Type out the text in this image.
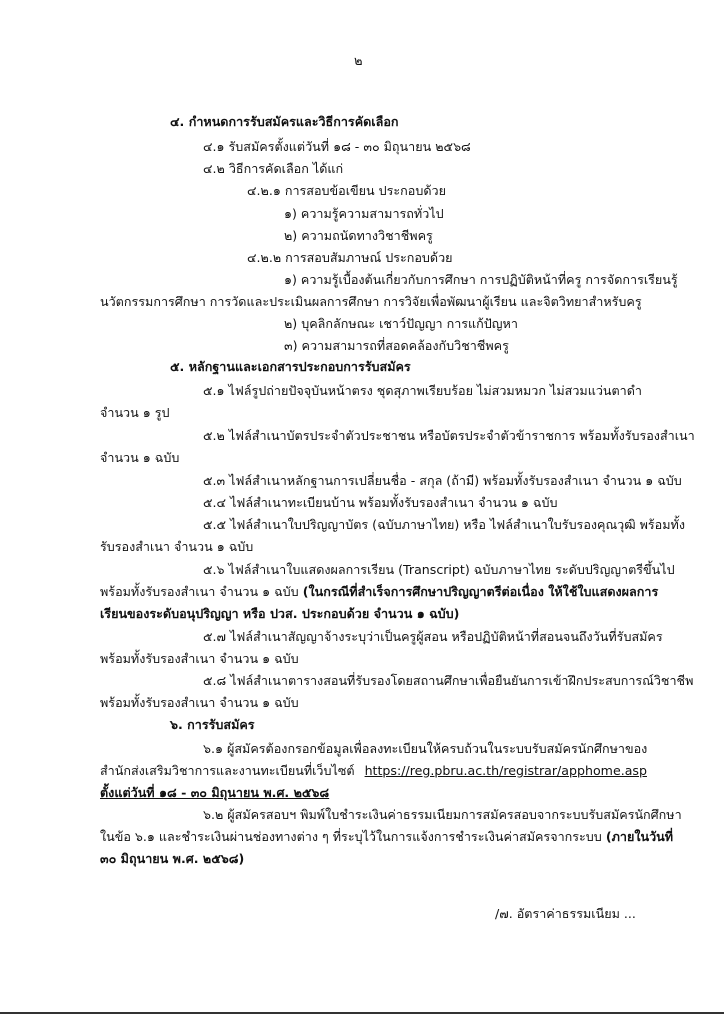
๒
๔. กำหนดการรับสมัครและวิธีการคัดเลือก
๔.๑ รับสมัครตั้งแต่วันที่ ๑๘ - ๓๐ มิถุนายน ๒๕๖๘
๔.๒ วิธีการคัดเลือก ได้แก่
๔.๒.๑ การสอบข้อเขียน ประกอบด้วย
๑) ความรู้ความสามารถทั่วไป
๒) ความถนัดทางวิชาชีพครู
๔.๒.๒ การสอบสัมภาษณ์ ประกอบด้วย
๑) ความรู้เบื้องต้นเกี่ยวกับการศึกษา การปฏิบัติหน้าที่ครู การจัดการเรียนรู้
นวัตกรรมการศึกษา การวัดและประเมินผลการศึกษา การวิจัยเพื่อพัฒนาผู้เรียน และจิตวิทยาสำหรับครู
๒) บุคลิกลักษณะ เชาว์ปัญญา การแก้ปัญหา
๓) ความสามารถที่สอดคล้องกับวิชาชีพครู
๕. หลักฐานและเอกสารประกอบการรับสมัคร
๕.๑ ไฟล์รูปถ่ายปัจจุบันหน้าตรง ชุดสุภาพเรียบร้อย ไม่สวมหมวก ไม่สวมแว่นตาดำ
จำนวน ๑ รูป
๕.๒ ไฟล์สำเนาบัตรประจำตัวประชาชน หรือบัตรประจำตัวข้าราชการ พร้อมทั้งรับรองสำเนา
จำนวน ๑ ฉบับ
๕.๓ ไฟล์สำเนาหลักฐานการเปลี่ยนชื่อ - สกุล (ถ้ามี) พร้อมทั้งรับรองสำเนา จำนวน ๑ ฉบับ
๕.๔ ไฟล์สำเนาทะเบียนบ้าน พร้อมทั้งรับรองสำเนา จำนวน ๑ ฉบับ
๕.๕ ไฟล์สำเนาใบปริญญาบัตร (ฉบับภาษาไทย) หรือ ไฟล์สำเนาใบรับรองคุณวุฒิ พร้อมทั้ง
รับรองสำเนา จำนวน ๑ ฉบับ
๕.๖ ไฟล์สำเนาใบแสดงผลการเรียน (Transcript) ฉบับภาษาไทย ระดับปริญญาตรีขึ้นไป
พร้อมทั้งรับรองสำเนา จำนวน ๑ ฉบับ (ในกรณีที่สำเร็จการศึกษาปริญญาตรีต่อเนื่อง ให้ใช้ใบแสดงผลการ
เรียนของระดับอนุปริญญา หรือ ปวส. ประกอบด้วย จำนวน ๑ ฉบับ)
๕.๗ ไฟล์สำเนาสัญญาจ้างระบุว่าเป็นครูผู้สอน หรือปฏิบัติหน้าที่สอนจนถึงวันที่รับสมัคร
พร้อมทั้งรับรองสำเนา จำนวน ๑ ฉบับ
๕.๘ ไฟล์สำเนาตารางสอนที่รับรองโดยสถานศึกษาเพื่อยืนยันการเข้าฝึกประสบการณ์วิชาชีพ
พร้อมทั้งรับรองสำเนา จำนวน ๑ ฉบับ
๖. การรับสมัคร
๖.๑ ผู้สมัครต้องกรอกข้อมูลเพื่อลงทะเบียนให้ครบถ้วนในระบบรับสมัครนักศึกษาของ
สำนักส่งเสริมวิชาการและงานทะเบียนที่เว็บไซต์ https://reg.pbru.ac.th/registrar/apphome.asp
ตั้งแต่วันที่ ๑๘ - ๓๐ มิถุนายน พ.ศ. ๒๕๖๘
๖.๒ ผู้สมัครสอบฯ พิมพ์ใบชำระเงินค่าธรรมเนียมการสมัครสอบจากระบบรับสมัครนักศึกษา
ในข้อ ๖.๑ และชำระเงินผ่านช่องทางต่าง ๆ ที่ระบุไว้ในการแจ้งการชำระเงินค่าสมัครจากระบบ (ภายในวันที่
๓๐ มิถุนายน พ.ศ. ๒๕๖๘)
/๗. อัตราค่าธรรมเนียม ...
